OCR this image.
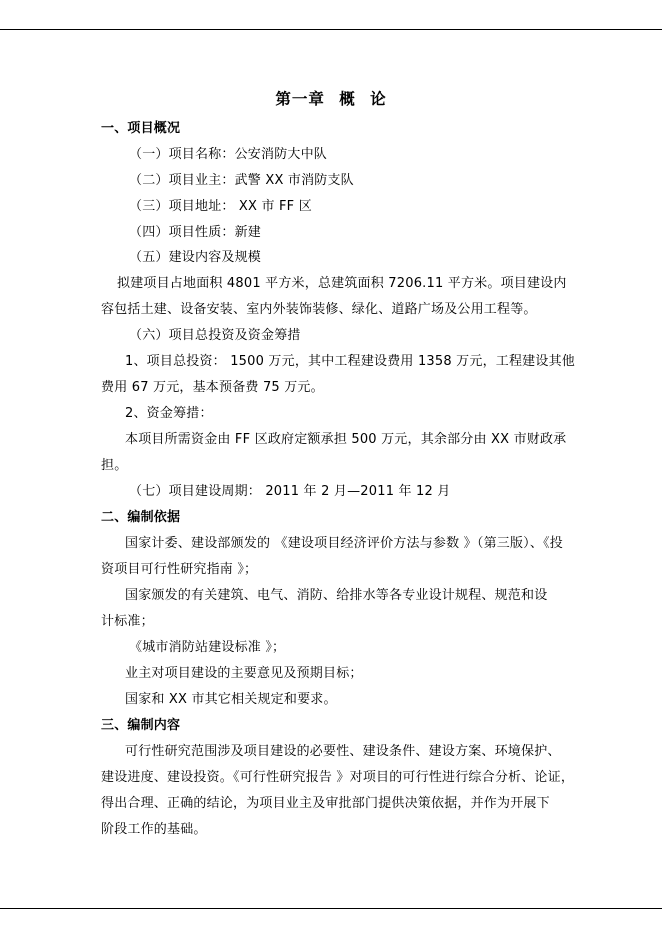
第一章 概 论
一、项目概况
（一）项目名称：公安消防大中队
（二）项目业主：武警 XX 市消防支队
（三）项目地址： XX 市 FF 区
（四）项目性质：新建
（五）建设内容及规模
拟建项目占地面积 4801 平方米，总建筑面积 7206.11 平方米。项目建设内
容包括土建、设备安装、室内外装饰装修、绿化、道路广场及公用工程等。
（六）项目总投资及资金筹措
1、项目总投资： 1500 万元，其中工程建设费用 1358 万元，工程建设其他
费用 67 万元，基本预备费 75 万元。
2、资金筹措：
本项目所需资金由 FF 区政府定额承担 500 万元，其余部分由 XX 市财政承
担。
（七）项目建设周期： 2011 年 2 月—2011 年 12 月
二、编制依据
国家计委、建设部颁发的 《建设项目经济评价方法与参数 》（第三版）、《投
资项目可行性研究指南 》；
国家颁发的有关建筑、电气、消防、给排水等各专业设计规程、规范和设
计标准；
《城市消防站建设标准 》；
业主对项目建设的主要意见及预期目标；
国家和 XX 市其它相关规定和要求。
三、编制内容
可行性研究范围涉及项目建设的必要性、建设条件、建设方案、环境保护、
建设进度、建设投资。《可行性研究报告 》对项目的可行性进行综合分析、论证，
得出合理、正确的结论，为项目业主及审批部门提供决策依据，并作为开展下
阶段工作的基础。
